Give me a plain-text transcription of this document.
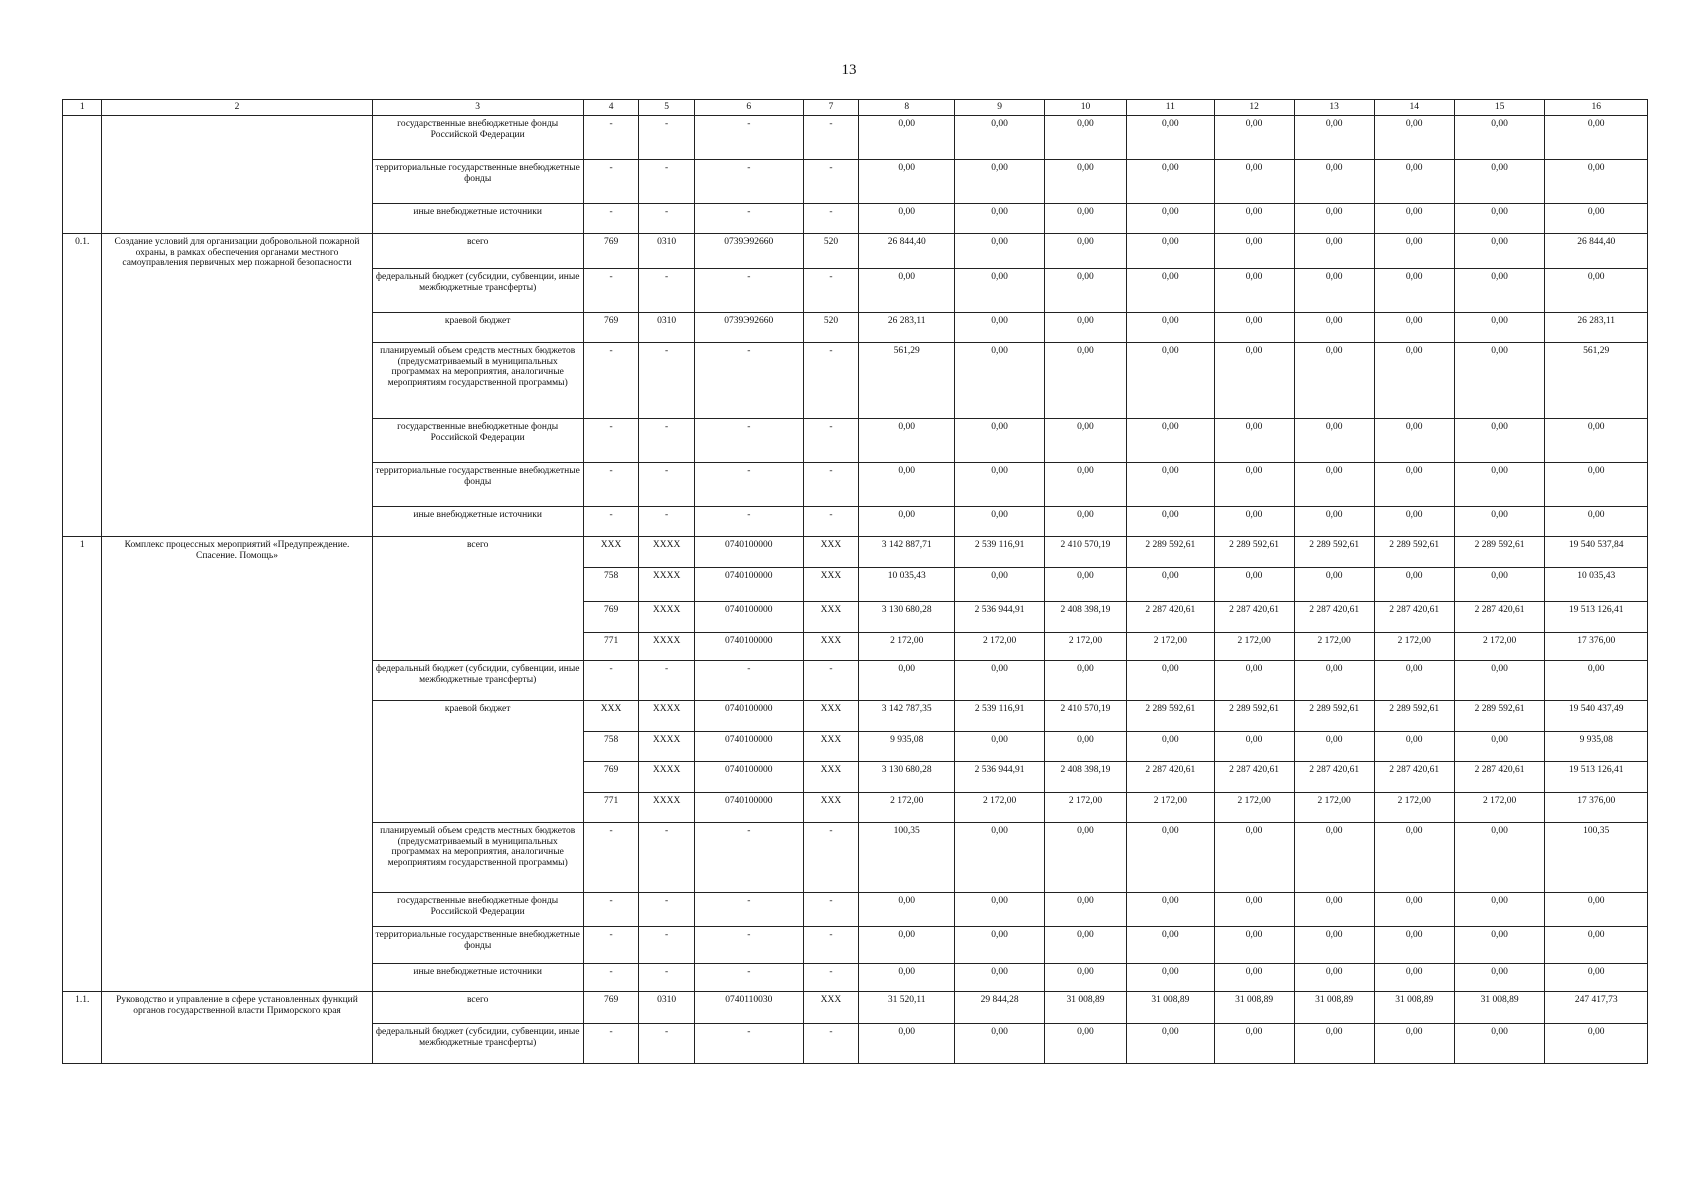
13
1	2	3	4	5	6	7	8	9	10	11	12	13	14	15	16
		государственные внебюджетные фонды Российской Федерации	-	-	-	-	0,00	0,00	0,00	0,00	0,00	0,00	0,00	0,00	0,00
		территориальные государственные внебюджетные фонды	-	-	-	-	0,00	0,00	0,00	0,00	0,00	0,00	0,00	0,00	0,00
		иные внебюджетные источники	-	-	-	-	0,00	0,00	0,00	0,00	0,00	0,00	0,00	0,00	0,00
0.1.	Создание условий для организации добровольной пожарной охраны, в рамках обеспечения органами местного самоуправления первичных мер пожарной безопасности	всего	769	0310	0739Э92660	520	26 844,40	0,00	0,00	0,00	0,00	0,00	0,00	0,00	26 844,40
		федеральный бюджет (субсидии, субвенции, иные межбюджетные трансферты)	-	-	-	-	0,00	0,00	0,00	0,00	0,00	0,00	0,00	0,00	0,00
		краевой бюджет	769	0310	0739Э92660	520	26 283,11	0,00	0,00	0,00	0,00	0,00	0,00	0,00	26 283,11
		планируемый объем средств местных бюджетов (предусматриваемый в муниципальных программах на мероприятия, аналогичные мероприятиям государственной программы)	-	-	-	-	561,29	0,00	0,00	0,00	0,00	0,00	0,00	0,00	561,29
		государственные внебюджетные фонды Российской Федерации	-	-	-	-	0,00	0,00	0,00	0,00	0,00	0,00	0,00	0,00	0,00
		территориальные государственные внебюджетные фонды	-	-	-	-	0,00	0,00	0,00	0,00	0,00	0,00	0,00	0,00	0,00
		иные внебюджетные источники	-	-	-	-	0,00	0,00	0,00	0,00	0,00	0,00	0,00	0,00	0,00
1	Комплекс процессных мероприятий «Предупреждение. Спасение. Помощь»	всего	XXX	XXXX	0740100000	XXX	3 142 887,71	2 539 116,91	2 410 570,19	2 289 592,61	2 289 592,61	2 289 592,61	2 289 592,61	2 289 592,61	19 540 537,84
			758	XXXX	0740100000	XXX	10 035,43	0,00	0,00	0,00	0,00	0,00	0,00	0,00	10 035,43
			769	XXXX	0740100000	XXX	3 130 680,28	2 536 944,91	2 408 398,19	2 287 420,61	2 287 420,61	2 287 420,61	2 287 420,61	2 287 420,61	19 513 126,41
			771	XXXX	0740100000	XXX	2 172,00	2 172,00	2 172,00	2 172,00	2 172,00	2 172,00	2 172,00	2 172,00	17 376,00
		федеральный бюджет (субсидии, субвенции, иные межбюджетные трансферты)	-	-	-	-	0,00	0,00	0,00	0,00	0,00	0,00	0,00	0,00	0,00
		краевой бюджет	XXX	XXXX	0740100000	XXX	3 142 787,35	2 539 116,91	2 410 570,19	2 289 592,61	2 289 592,61	2 289 592,61	2 289 592,61	2 289 592,61	19 540 437,49
			758	XXXX	0740100000	XXX	9 935,08	0,00	0,00	0,00	0,00	0,00	0,00	0,00	9 935,08
			769	XXXX	0740100000	XXX	3 130 680,28	2 536 944,91	2 408 398,19	2 287 420,61	2 287 420,61	2 287 420,61	2 287 420,61	2 287 420,61	19 513 126,41
			771	XXXX	0740100000	XXX	2 172,00	2 172,00	2 172,00	2 172,00	2 172,00	2 172,00	2 172,00	2 172,00	17 376,00
		планируемый объем средств местных бюджетов (предусматриваемый в муниципальных программах на мероприятия, аналогичные мероприятиям государственной программы)	-	-	-	-	100,35	0,00	0,00	0,00	0,00	0,00	0,00	0,00	100,35
		государственные внебюджетные фонды Российской Федерации	-	-	-	-	0,00	0,00	0,00	0,00	0,00	0,00	0,00	0,00	0,00
		территориальные государственные внебюджетные фонды	-	-	-	-	0,00	0,00	0,00	0,00	0,00	0,00	0,00	0,00	0,00
		иные внебюджетные источники	-	-	-	-	0,00	0,00	0,00	0,00	0,00	0,00	0,00	0,00	0,00
1.1.	Руководство и управление в сфере установленных функций органов государственной власти Приморского края	всего	769	0310	0740110030	XXX	31 520,11	29 844,28	31 008,89	31 008,89	31 008,89	31 008,89	31 008,89	31 008,89	247 417,73
		федеральный бюджет (субсидии, субвенции, иные межбюджетные трансферты)	-	-	-	-	0,00	0,00	0,00	0,00	0,00	0,00	0,00	0,00	0,00
